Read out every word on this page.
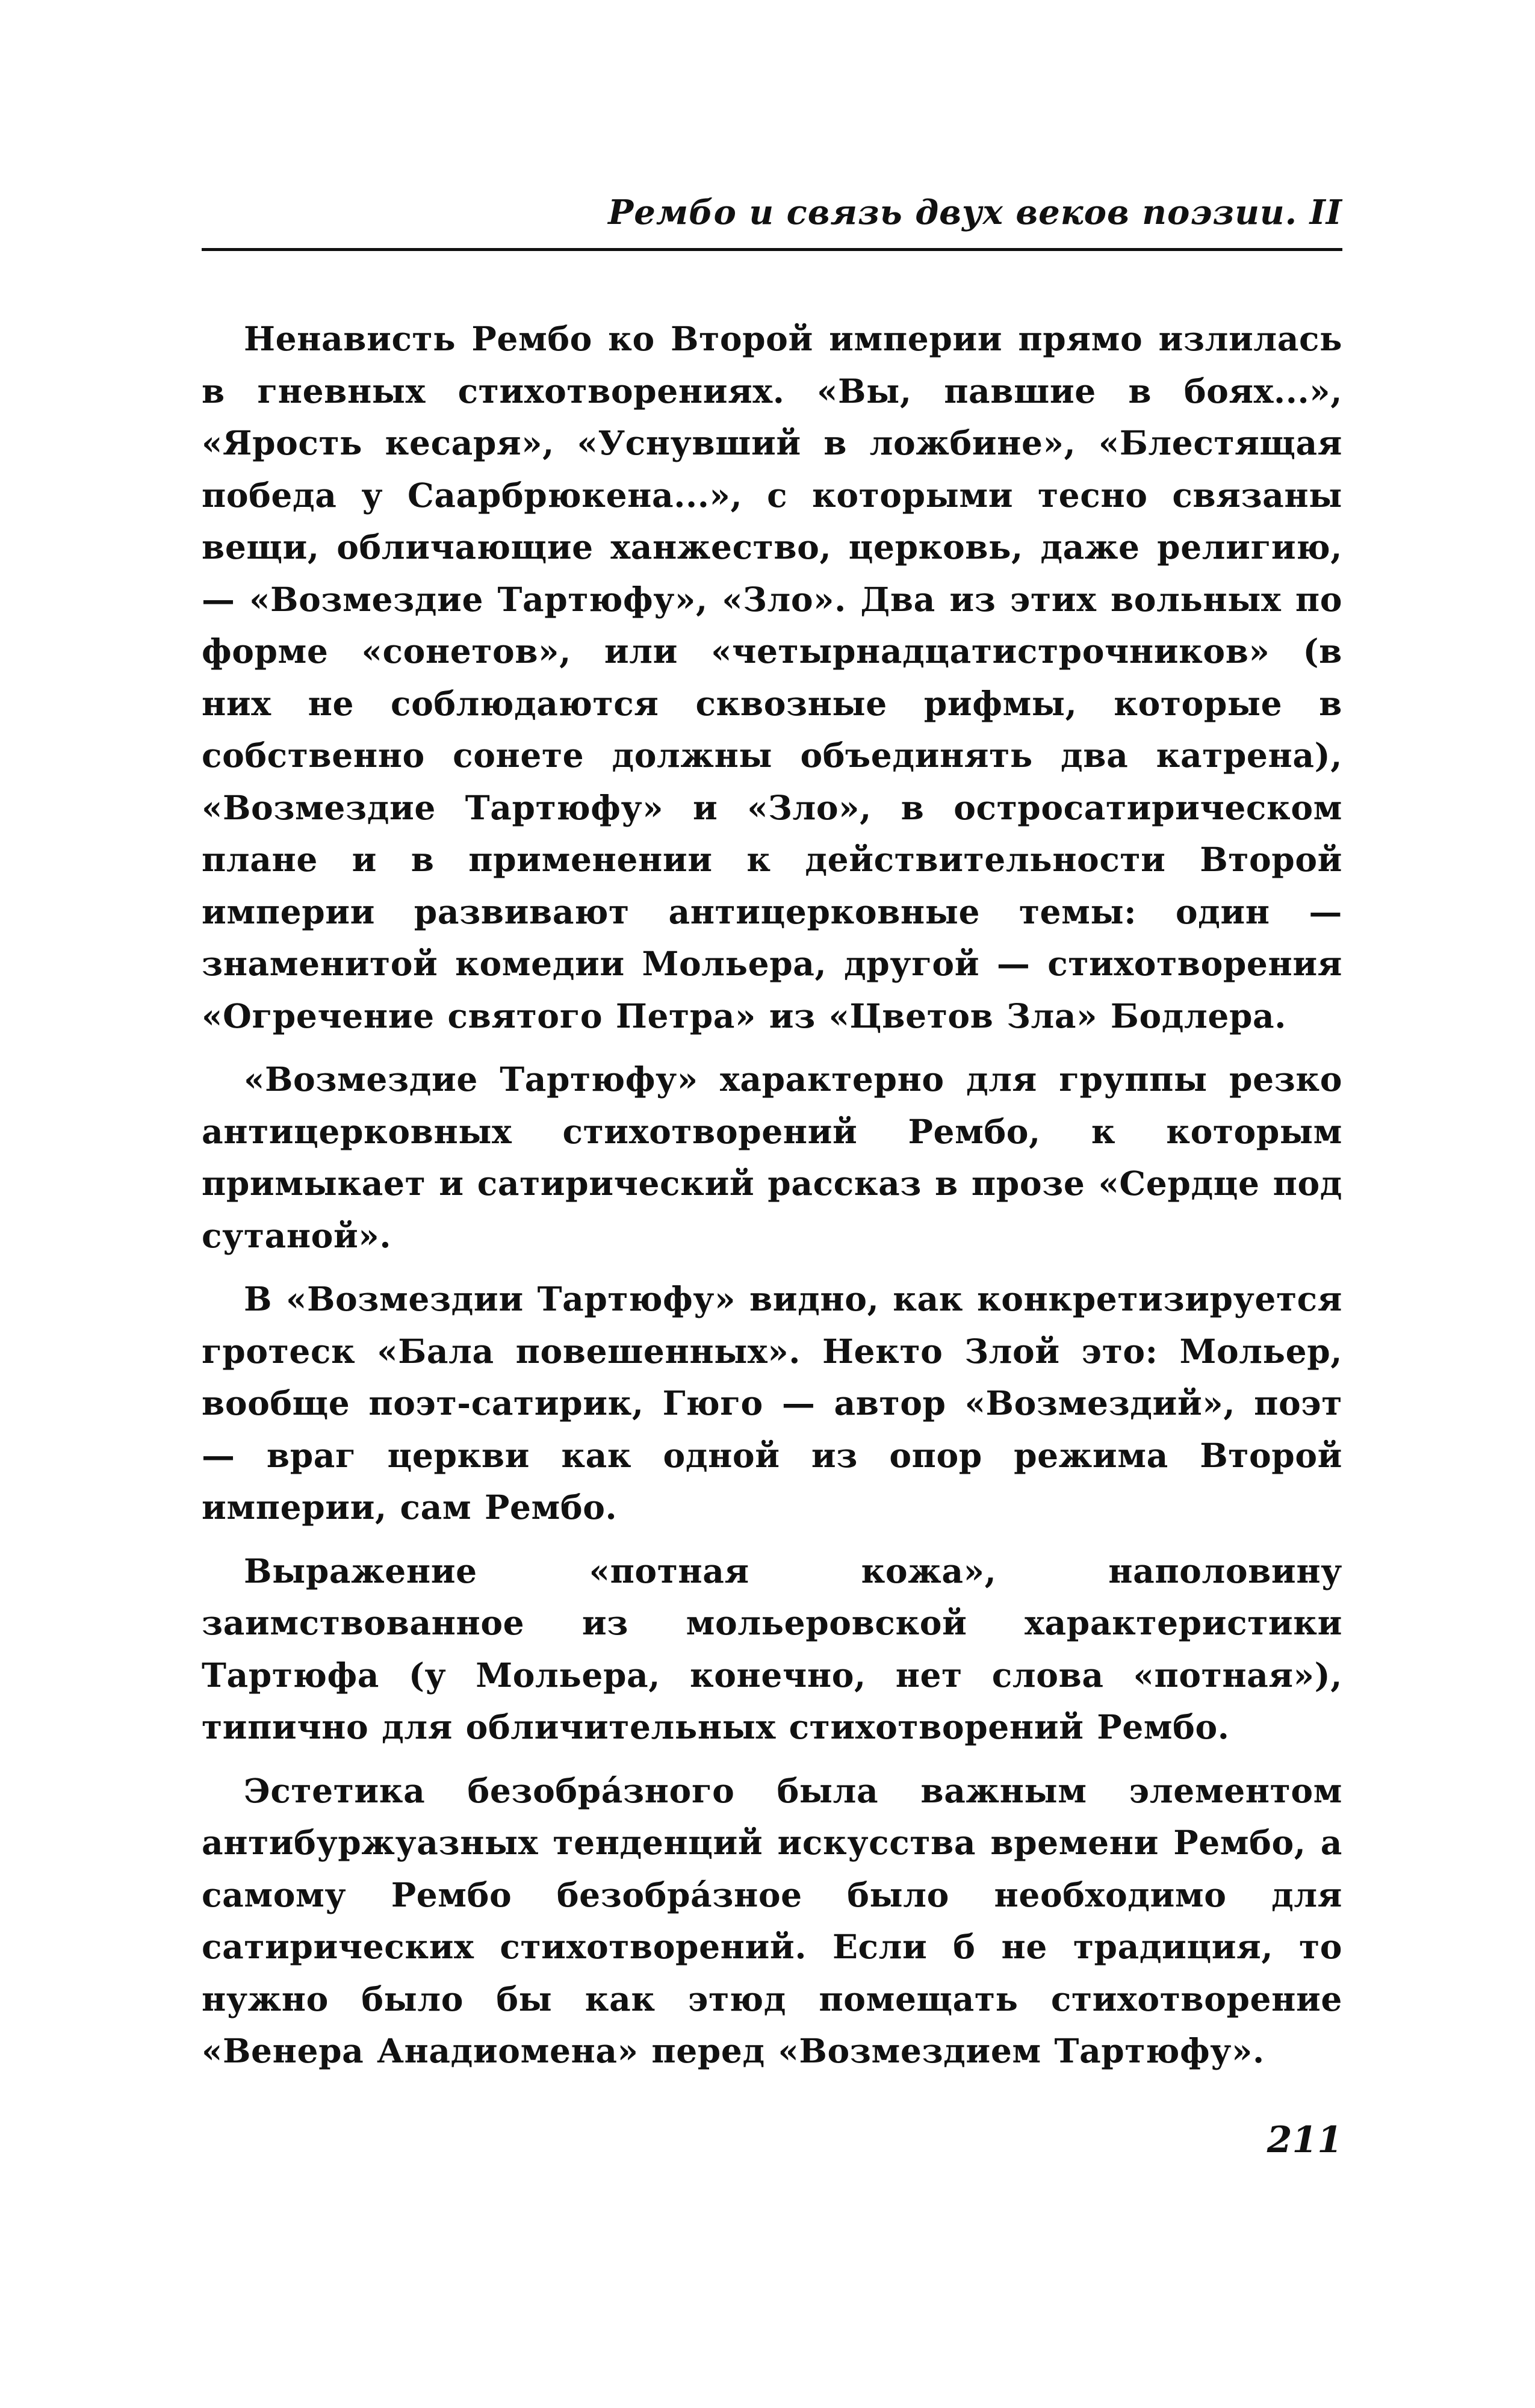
Рембо и связь двух веков поэзии. II

Ненависть Рембо ко Второй империи прямо излилась в гневных стихотворениях. «Вы, павшие в боях...», «Ярость кесаря», «Уснувший в ложбине», «Блестящая победа у Саарбрюкена...», с которыми тесно связаны вещи, обличающие ханжество, церковь, даже религию,— «Возмездие Тартюфу», «Зло». Два из этих вольных по форме «сонетов», или «четырнадцатистрочников» (в них не соблюдаются сквозные рифмы, которые в собственно сонете должны объединять два катрена), «Возмездие Тартюфу» и «Зло», в остросатирическом плане и в применении к действительности Второй империи развивают антицерковные темы: один — знаменитой комедии Мольера, другой — стихотворения «Огречение святого Петра» из «Цветов Зла» Бодлера.

«Возмездие Тартюфу» характерно для группы резко антицерковных стихотворений Рембо, к которым примыкает и сатирический рассказ в прозе «Сердце под сутаной».

В «Возмездии Тартюфу» видно, как конкретизируется гротеск «Бала повешенных». Некто Злой это: Мольер, вообще поэт-сатирик, Гюго — автор «Возмездий», поэт — враг церкви как одной из опор режима Второй империи, сам Рембо.

Выражение «потная кожа», наполовину заимствованное из мольеровской характеристики Тартюфа (у Мольера, конечно, нет слова «потная»), типично для обличительных стихотворений Рембо.

Эстетика безобра́зного была важным элементом антибуржуазных тенденций искусства времени Рембо, а самому Рембо безобра́зное было необходимо для сатирических стихотворений. Если б не традиция, то нужно было бы как этюд помещать стихотворение «Венера Анадиомена» перед «Возмездием Тартюфу».

211
